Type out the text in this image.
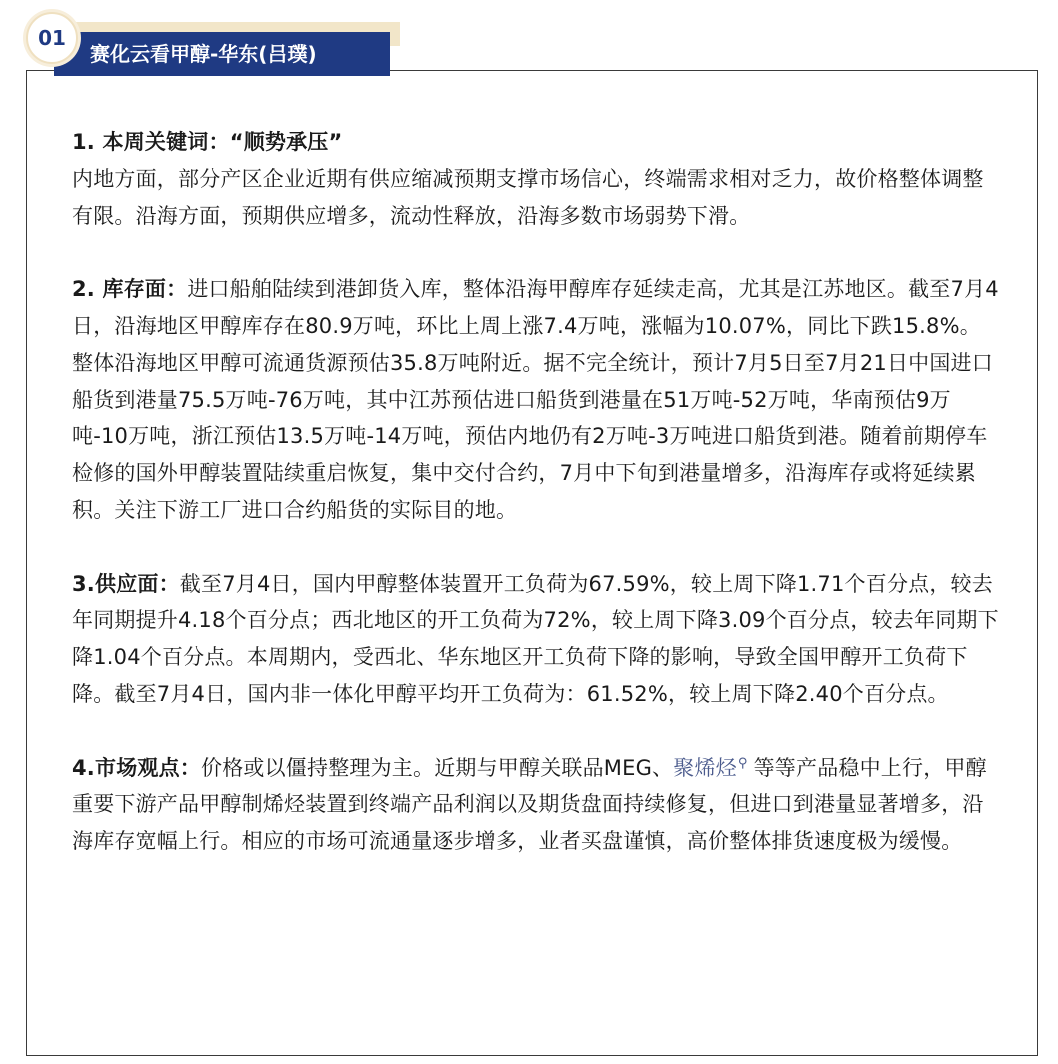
赛化云看甲醇-华东(吕璞)
01

1. 本周关键词：“顺势承压”

内地方面，部分产区企业近期有供应缩减预期支撑市场信心，终端需求相对乏力，故价格整体调整有限。沿海方面，预期供应增多，流动性释放，沿海多数市场弱势下滑。

2. 库存面：进口船舶陆续到港卸货入库，整体沿海甲醇库存延续走高，尤其是江苏地区。截至7月4日，沿海地区甲醇库存在80.9万吨，环比上周上涨7.4万吨，涨幅为10.07%，同比下跌15.8%。整体沿海地区甲醇可流通货源预估35.8万吨附近。据不完全统计，预计7月5日至7月21日中国进口船货到港量75.5万吨-76万吨，其中江苏预估进口船货到港量在51万吨-52万吨，华南预估9万吨-10万吨，浙江预估13.5万吨-14万吨，预估内地仍有2万吨-3万吨进口船货到港。随着前期停车检修的国外甲醇装置陆续重启恢复，集中交付合约，7月中下旬到港量增多，沿海库存或将延续累积。关注下游工厂进口合约船货的实际目的地。

3.供应面：截至7月4日，国内甲醇整体装置开工负荷为67.59%，较上周下降1.71个百分点，较去年同期提升4.18个百分点；西北地区的开工负荷为72%，较上周下降3.09个百分点，较去年同期下降1.04个百分点。本周期内，受西北、华东地区开工负荷下降的影响，导致全国甲醇开工负荷下降。截至7月4日，国内非一体化甲醇平均开工负荷为：61.52%，较上周下降2.40个百分点。

4.市场观点：价格或以僵持整理为主。近期与甲醇关联品MEG、聚烯烃⚲ 等等产品稳中上行，甲醇重要下游产品甲醇制烯烃装置到终端产品利润以及期货盘面持续修复，但进口到港量显著增多，沿海库存宽幅上行。相应的市场可流通量逐步增多，业者买盘谨慎，高价整体排货速度极为缓慢。
